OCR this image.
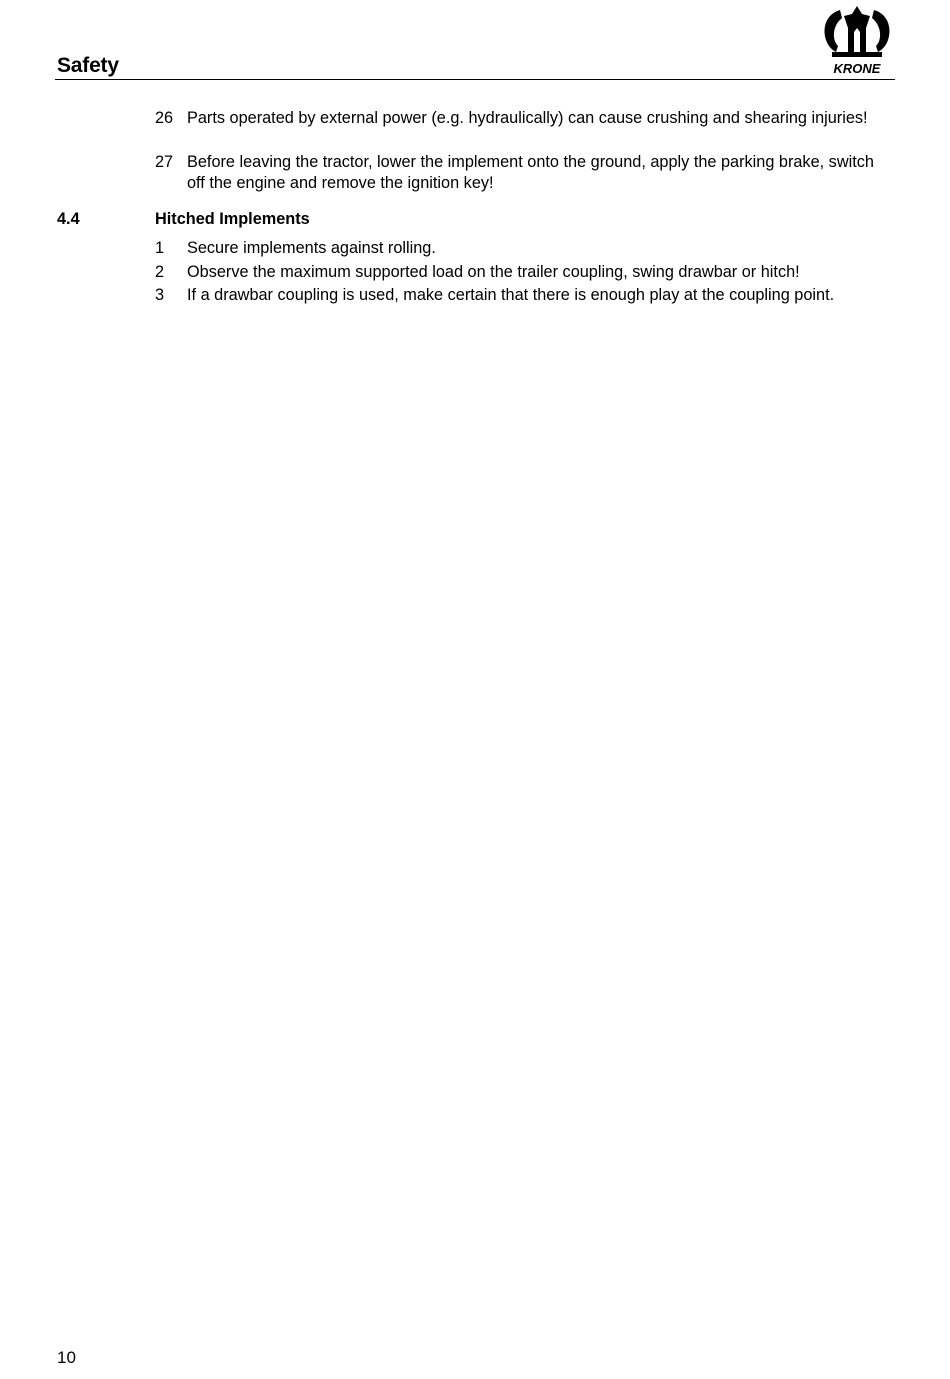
Safety	KRONE
26 Parts operated by external power (e.g. hydraulically) can cause crushing and shearing injuries!
27 Before leaving the tractor, lower the implement onto the ground, apply the parking brake, switch off the engine and remove the ignition key!
4.4	Hitched Implements
1	Secure implements against rolling.
2	Observe the maximum supported load on the trailer coupling, swing drawbar or hitch!
3	If a drawbar coupling is used, make certain that there is enough play at the coupling point.
10
